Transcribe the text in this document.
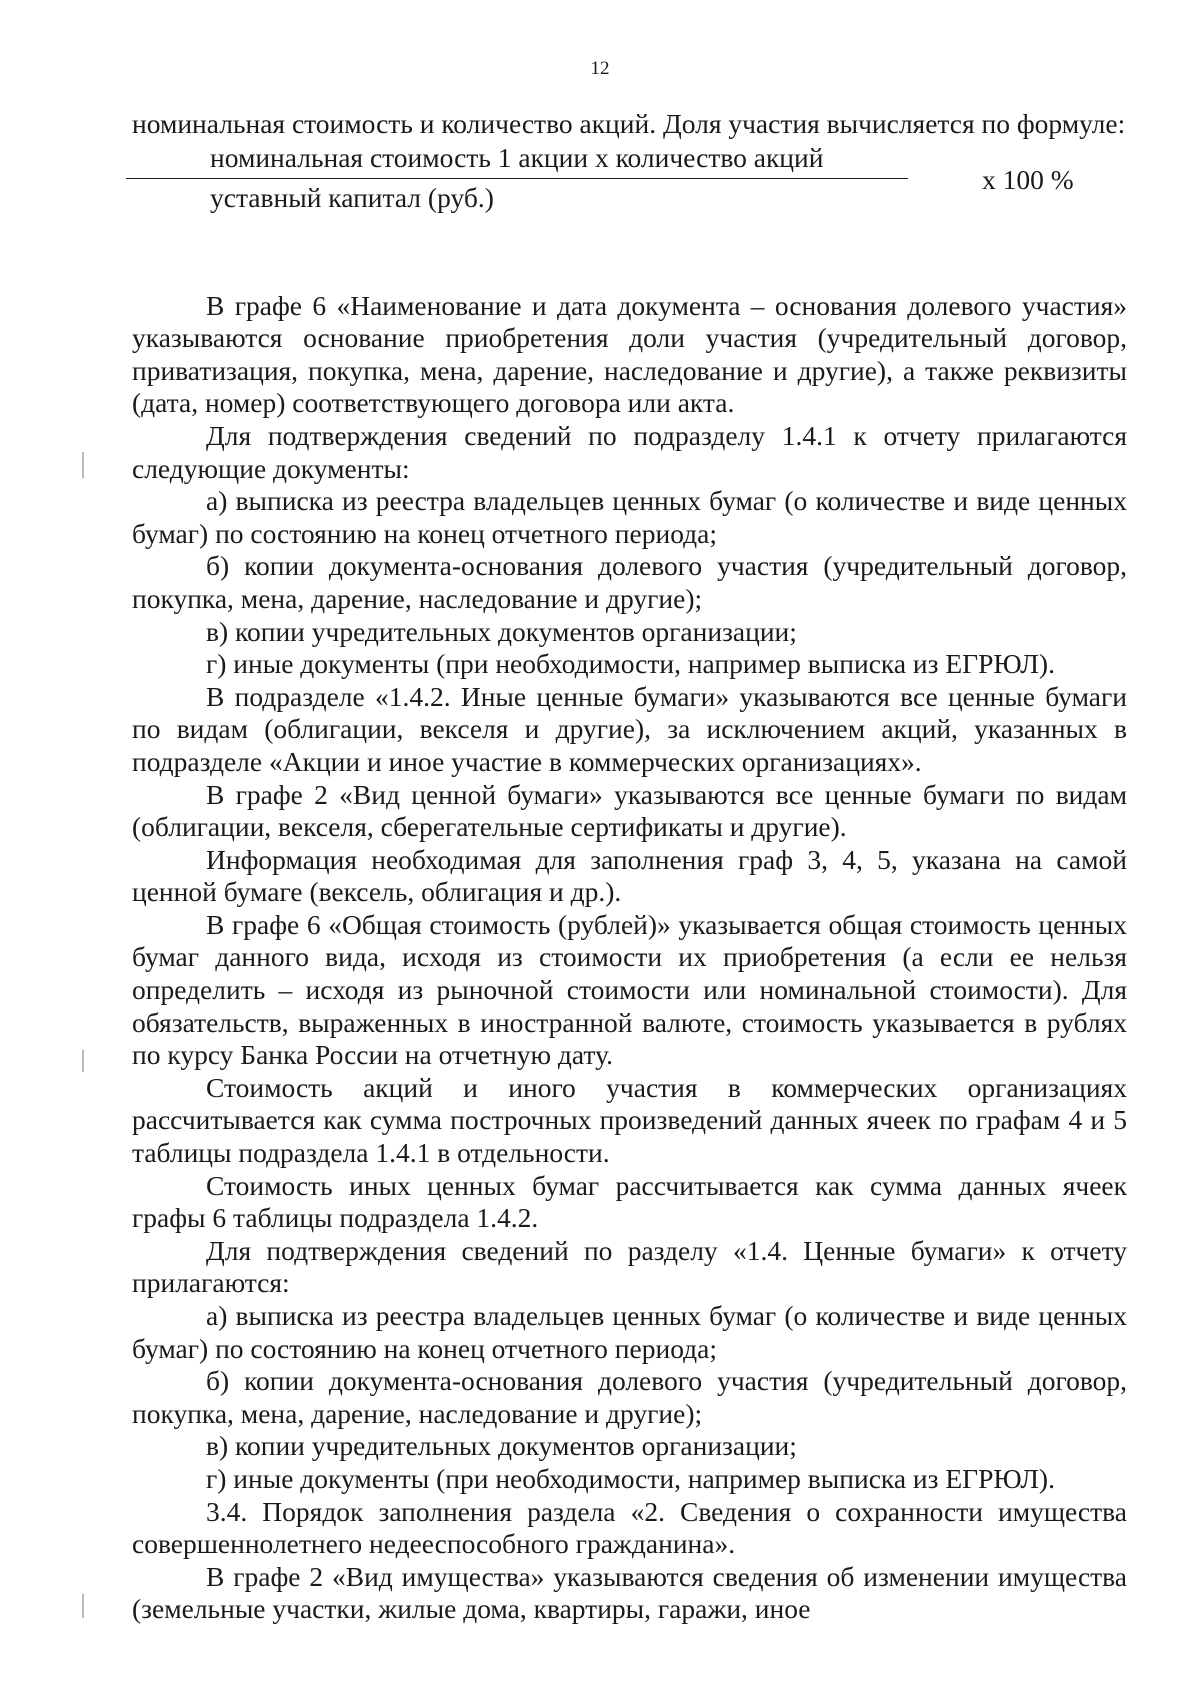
12

номинальная стоимость и количество акций. Доля участия вычисляется по формуле:

номинальная стоимость 1 акции х количество акций
уставный капитал (руб.)
х 100 %

В графе 6 «Наименование и дата документа – основания долевого участия» указываются основание приобретения доли участия (учредительный договор, приватизация, покупка, мена, дарение, наследование и другие), а также реквизиты (дата, номер) соответствующего договора или акта.

Для подтверждения сведений по подразделу 1.4.1 к отчету прилагаются следующие документы:

а) выписка из реестра владельцев ценных бумаг (о количестве и виде ценных бумаг) по состоянию на конец отчетного периода;

б) копии документа-основания долевого участия (учредительный договор, покупка, мена, дарение, наследование и другие);

в) копии учредительных документов организации;

г) иные документы (при необходимости, например выписка из ЕГРЮЛ).

В подразделе «1.4.2. Иные ценные бумаги» указываются все ценные бумаги по видам (облигации, векселя и другие), за исключением акций, указанных в подразделе «Акции и иное участие в коммерческих организациях».

В графе 2 «Вид ценной бумаги» указываются все ценные бумаги по видам (облигации, векселя, сберегательные сертификаты и другие).

Информация необходимая для заполнения граф 3, 4, 5, указана на самой ценной бумаге (вексель, облигация и др.).

В графе 6 «Общая стоимость (рублей)» указывается общая стоимость ценных бумаг данного вида, исходя из стоимости их приобретения (а если ее нельзя определить – исходя из рыночной стоимости или номинальной стоимости). Для обязательств, выраженных в иностранной валюте, стоимость указывается в рублях по курсу Банка России на отчетную дату.

Стоимость акций и иного участия в коммерческих организациях рассчитывается как сумма построчных произведений данных ячеек по графам 4 и 5 таблицы подраздела 1.4.1 в отдельности.

Стоимость иных ценных бумаг рассчитывается как сумма данных ячеек графы 6 таблицы подраздела 1.4.2.

Для подтверждения сведений по разделу «1.4. Ценные бумаги» к отчету прилагаются:

а) выписка из реестра владельцев ценных бумаг (о количестве и виде ценных бумаг) по состоянию на конец отчетного периода;

б) копии документа-основания долевого участия (учредительный договор, покупка, мена, дарение, наследование и другие);

в) копии учредительных документов организации;

г) иные документы (при необходимости, например выписка из ЕГРЮЛ).

3.4. Порядок заполнения раздела «2. Сведения о сохранности имущества совершеннолетнего недееспособного гражданина».

В графе 2 «Вид имущества» указываются сведения об изменении имущества (земельные участки, жилые дома, квартиры, гаражи, иное
